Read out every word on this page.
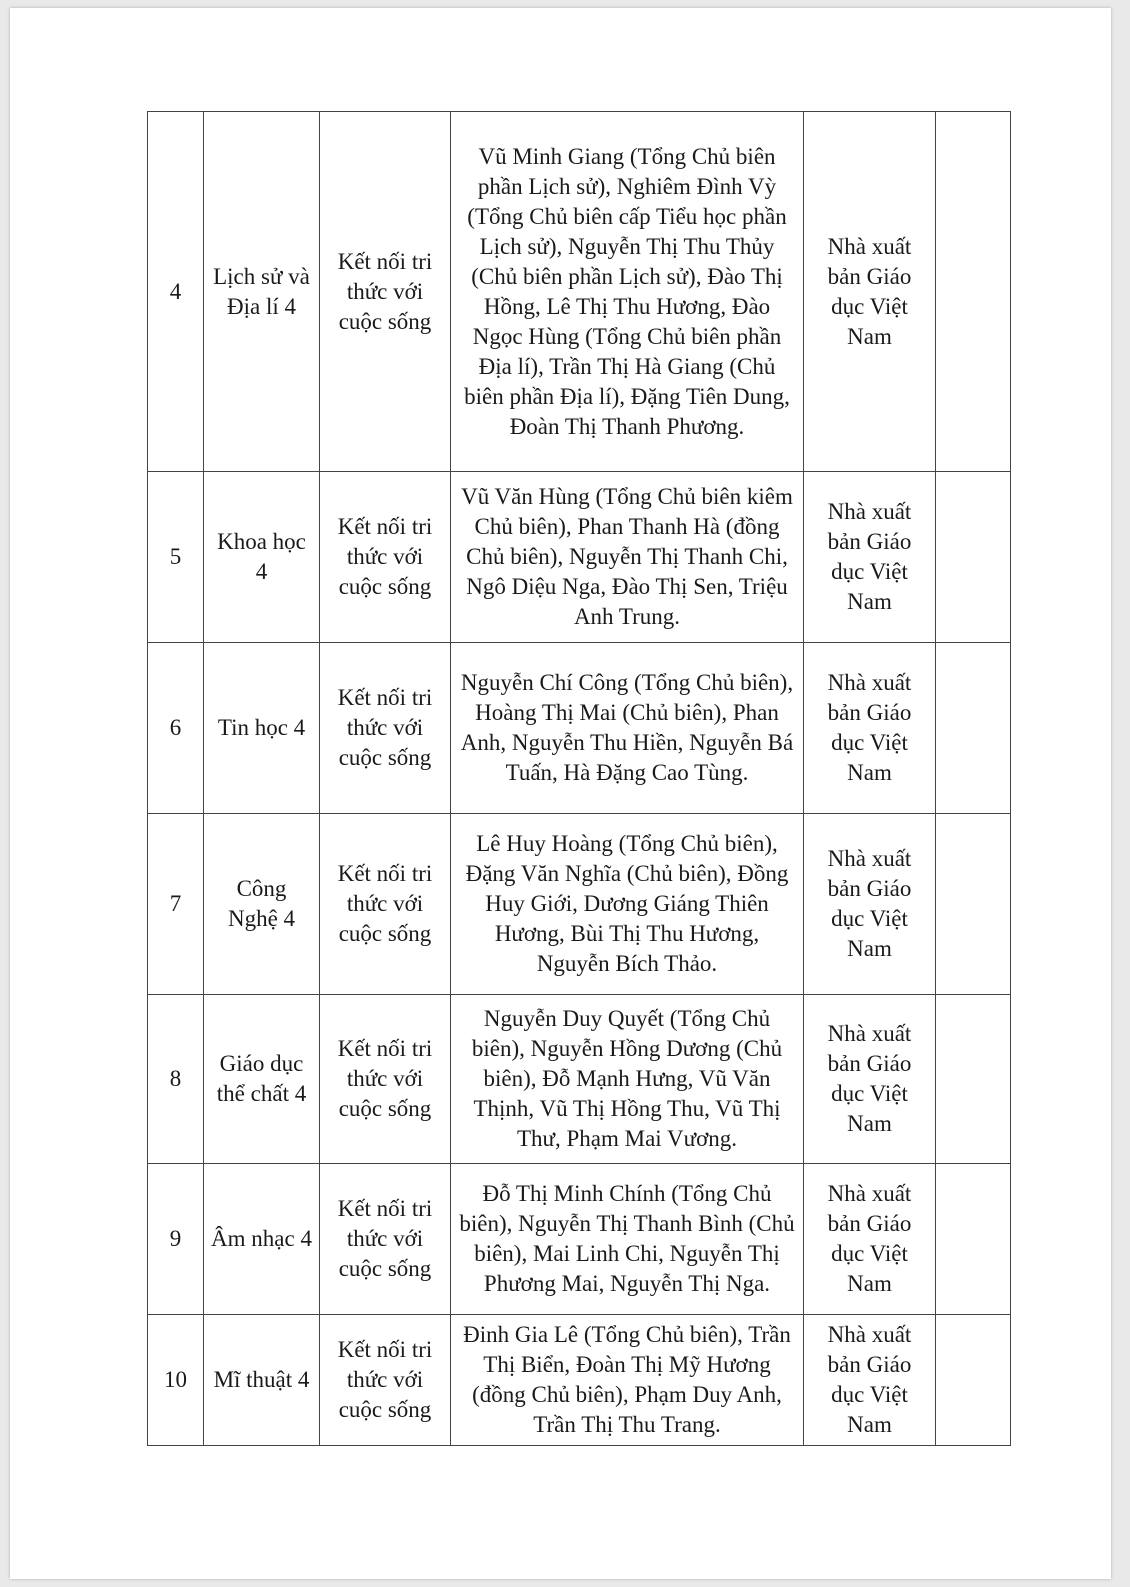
4	Lịch sử và Địa lí 4	Kết nối tri thức với cuộc sống	Vũ Minh Giang (Tổng Chủ biên phần Lịch sử), Nghiêm Đình Vỳ (Tổng Chủ biên cấp Tiểu học phần Lịch sử), Nguyễn Thị Thu Thủy (Chủ biên phần Lịch sử), Đào Thị Hồng, Lê Thị Thu Hương, Đào Ngọc Hùng (Tổng Chủ biên phần Địa lí), Trần Thị Hà Giang (Chủ biên phần Địa lí), Đặng Tiên Dung, Đoàn Thị Thanh Phương.	Nhà xuất bản Giáo dục Việt Nam	
5	Khoa học 4	Kết nối tri thức với cuộc sống	Vũ Văn Hùng (Tổng Chủ biên kiêm Chủ biên), Phan Thanh Hà (đồng Chủ biên), Nguyễn Thị Thanh Chi, Ngô Diệu Nga, Đào Thị Sen, Triệu Anh Trung.	Nhà xuất bản Giáo dục Việt Nam	
6	Tin học 4	Kết nối tri thức với cuộc sống	Nguyễn Chí Công (Tổng Chủ biên), Hoàng Thị Mai (Chủ biên), Phan Anh, Nguyễn Thu Hiền, Nguyễn Bá Tuấn, Hà Đặng Cao Tùng.	Nhà xuất bản Giáo dục Việt Nam	
7	Công Nghệ 4	Kết nối tri thức với cuộc sống	Lê Huy Hoàng (Tổng Chủ biên), Đặng Văn Nghĩa (Chủ biên), Đồng Huy Giới, Dương Giáng Thiên Hương, Bùi Thị Thu Hương, Nguyễn Bích Thảo.	Nhà xuất bản Giáo dục Việt Nam	
8	Giáo dục thể chất 4	Kết nối tri thức với cuộc sống	Nguyễn Duy Quyết (Tổng Chủ biên), Nguyễn Hồng Dương (Chủ biên), Đỗ Mạnh Hưng, Vũ Văn Thịnh, Vũ Thị Hồng Thu, Vũ Thị Thư, Phạm Mai Vương.	Nhà xuất bản Giáo dục Việt Nam	
9	Âm nhạc 4	Kết nối tri thức với cuộc sống	Đỗ Thị Minh Chính (Tổng Chủ biên), Nguyễn Thị Thanh Bình (Chủ biên), Mai Linh Chi, Nguyễn Thị Phương Mai, Nguyễn Thị Nga.	Nhà xuất bản Giáo dục Việt Nam	
10	Mĩ thuật 4	Kết nối tri thức với cuộc sống	Đinh Gia Lê (Tổng Chủ biên), Trần Thị Biển, Đoàn Thị Mỹ Hương (đồng Chủ biên), Phạm Duy Anh, Trần Thị Thu Trang.	Nhà xuất bản Giáo dục Việt Nam	
